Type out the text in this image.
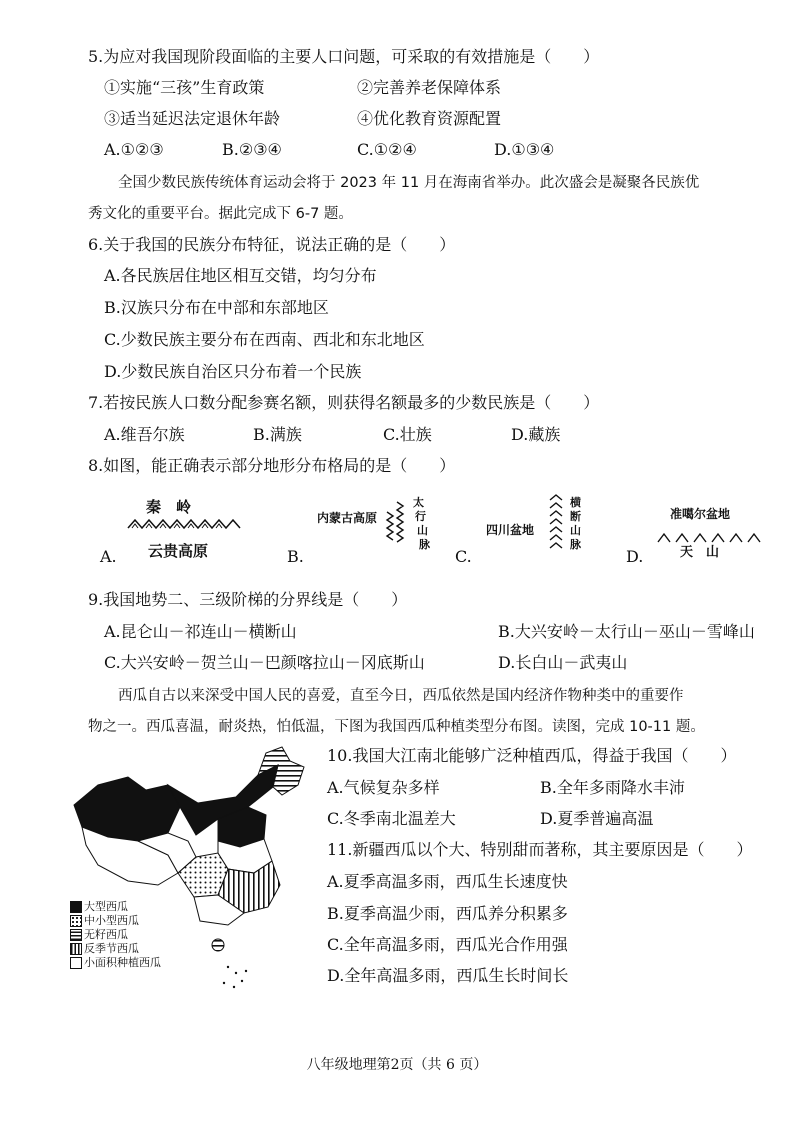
5.为应对我国现阶段面临的主要人口问题，可采取的有效措施是（　　）
①实施“三孩”生育政策	②完善养老保障体系
③适当延迟法定退休年龄	④优化教育资源配置
A.①②③	B.②③④	C.①②④	D.①③④
全国少数民族传统体育运动会将于 2023 年 11 月在海南省举办。此次盛会是凝聚各民族优
秀文化的重要平台。据此完成下 6-7 题。
6.关于我国的民族分布特征，说法正确的是（　　）
A.各民族居住地区相互交错，均匀分布
B.汉族只分布在中部和东部地区
C.少数民族主要分布在西南、西北和东北地区
D.少数民族自治区只分布着一个民族
7.若按民族人口数分配参赛名额，则获得名额最多的少数民族是（　　）
A.维吾尔族	B.满族	C.壮族	D.藏族
8.如图，能正确表示部分地形分布格局的是（　　）
A.	B.	C.	D.
秦　岭
云贵高原
内蒙古高原
太
行
山
脉
四川盆地
横
断
山
脉
准噶尔盆地
天　山
9.我国地势二、三级阶梯的分界线是（　　）
A.昆仑山－祁连山－横断山	B.大兴安岭－太行山－巫山－雪峰山
C.大兴安岭－贺兰山－巴颜喀拉山－冈底斯山	D.长白山－武夷山
西瓜自古以来深受中国人民的喜爱，直至今日，西瓜依然是国内经济作物种类中的重要作
物之一。西瓜喜温，耐炎热，怕低温，下图为我国西瓜种植类型分布图。读图，完成 10-11 题。
大型西瓜
中小型西瓜
无籽西瓜
反季节西瓜
小面积种植西瓜
10.我国大江南北能够广泛种植西瓜，得益于我国（　　）
A.气候复杂多样	B.全年多雨降水丰沛
C.冬季南北温差大	D.夏季普遍高温
11.新疆西瓜以个大、特别甜而著称，其主要原因是（　　）
A.夏季高温多雨，西瓜生长速度快
B.夏季高温少雨，西瓜养分积累多
C.全年高温多雨，西瓜光合作用强
D.全年高温多雨，西瓜生长时间长
八年级地理第2页（共 6 页）
